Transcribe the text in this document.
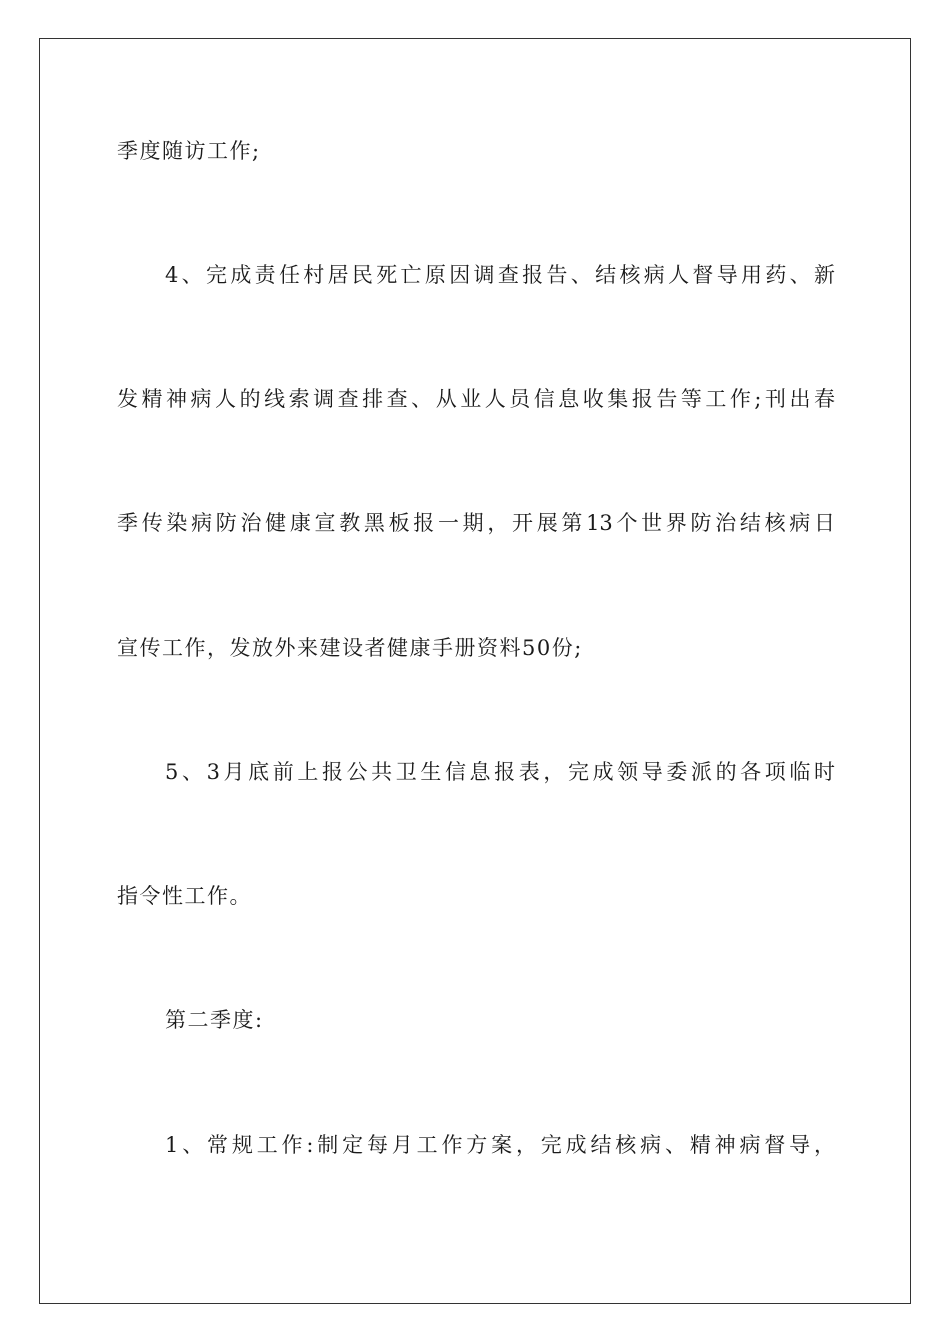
季度随访工作;
4、完成责任村居民死亡原因调查报告、结核病人督导用药、新
发精神病人的线索调查排查、从业人员信息收集报告等工作;刊出春
季传染病防治健康宣教黑板报一期，开展第13个世界防治结核病日
宣传工作，发放外来建设者健康手册资料50份;
5、3月底前上报公共卫生信息报表，完成领导委派的各项临时
指令性工作。
第二季度:
1、常规工作:制定每月工作方案，完成结核病、精神病督导，
